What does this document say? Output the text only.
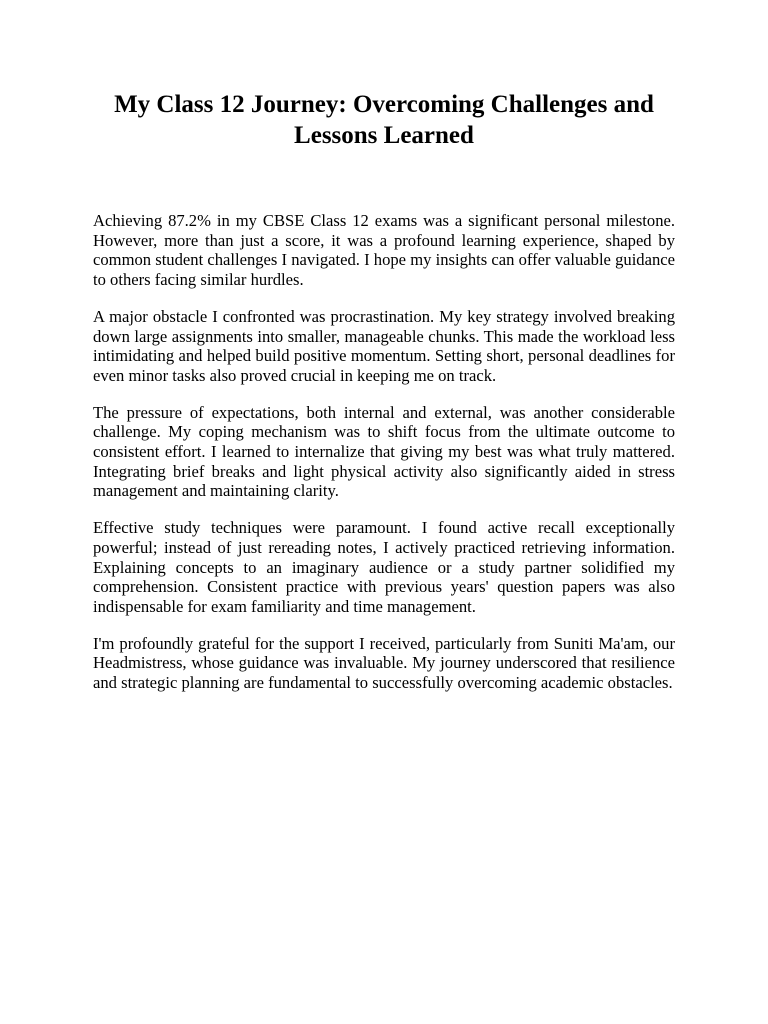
My Class 12 Journey: Overcoming Challenges and Lessons Learned

Achieving 87.2% in my CBSE Class 12 exams was a significant personal milestone. However, more than just a score, it was a profound learning experience, shaped by common student challenges I navigated. I hope my insights can offer valuable guidance to others facing similar hurdles.

A major obstacle I confronted was procrastination. My key strategy involved breaking down large assignments into smaller, manageable chunks. This made the workload less intimidating and helped build positive momentum. Setting short, personal deadlines for even minor tasks also proved crucial in keeping me on track.

The pressure of expectations, both internal and external, was another considerable challenge. My coping mechanism was to shift focus from the ultimate outcome to consistent effort. I learned to internalize that giving my best was what truly mattered. Integrating brief breaks and light physical activity also significantly aided in stress management and maintaining clarity.

Effective study techniques were paramount. I found active recall exceptionally powerful; instead of just rereading notes, I actively practiced retrieving information. Explaining concepts to an imaginary audience or a study partner solidified my comprehension. Consistent practice with previous years' question papers was also indispensable for exam familiarity and time management.

I'm profoundly grateful for the support I received, particularly from Suniti Ma'am, our Headmistress, whose guidance was invaluable. My journey underscored that resilience and strategic planning are fundamental to successfully overcoming academic obstacles.
